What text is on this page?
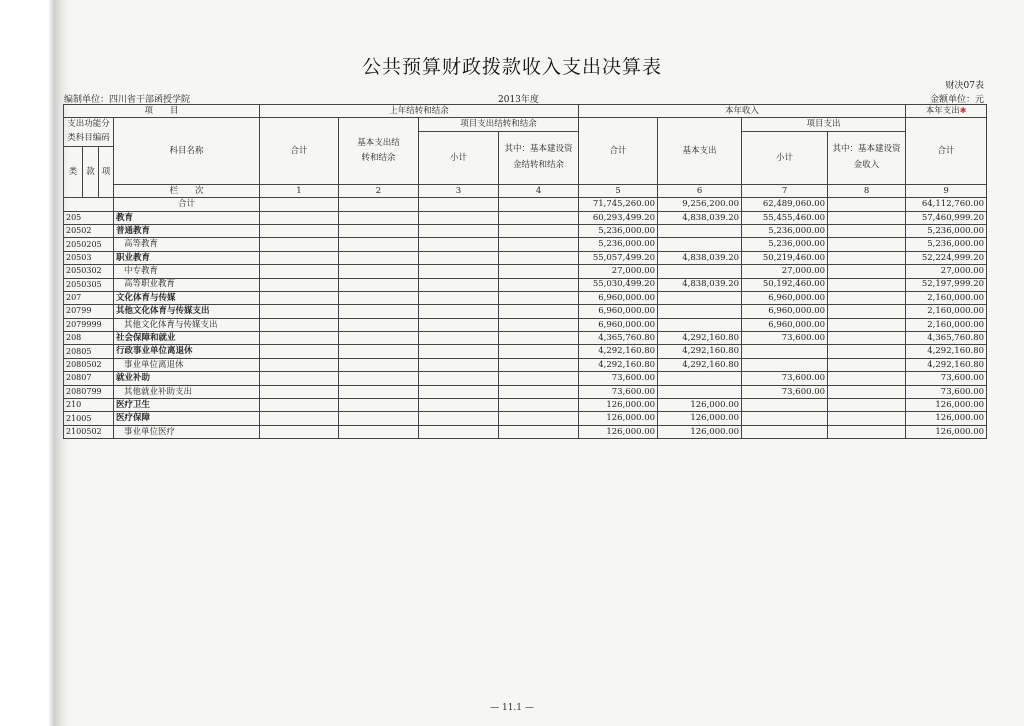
公共预算财政拨款收入支出决算表
财决07表
编制单位：四川省干部函授学院	2013年度	金额单位：元
项　　目				上年结转和结余				本年收入				本年支出✱
支出功能分类科目编码			科目名称	合计	基本支出结转和结余	项目支出结转和结余		合计	基本支出	项目支出		合计
						小计	其中：基本建设资金结转和结余			小计	其中：基本建设资金收入	
类	款	项										
			栏　　次	1	2	3	4	5	6	7	8	9
			合计					71,745,260.00	9,256,200.00	62,489,060.00		64,112,760.00
205			教育					60,293,499.20	4,838,039.20	55,455,460.00		57,460,999.20
20502			普通教育					5,236,000.00		5,236,000.00		5,236,000.00
2050205			高等教育					5,236,000.00		5,236,000.00		5,236,000.00
20503			职业教育					55,057,499.20	4,838,039.20	50,219,460.00		52,224,999.20
2050302			中专教育					27,000.00		27,000.00		27,000.00
2050305			高等职业教育					55,030,499.20	4,838,039.20	50,192,460.00		52,197,999.20
207			文化体育与传媒					6,960,000.00		6,960,000.00		2,160,000.00
20799			其他文化体育与传媒支出					6,960,000.00		6,960,000.00		2,160,000.00
2079999			其他文化体育与传媒支出					6,960,000.00		6,960,000.00		2,160,000.00
208			社会保障和就业					4,365,760.80	4,292,160.80	73,600.00		4,365,760.80
20805			行政事业单位离退休					4,292,160.80	4,292,160.80			4,292,160.80
2080502			事业单位离退休					4,292,160.80	4,292,160.80			4,292,160.80
20807			就业补助					73,600.00		73,600.00		73,600.00
2080799			其他就业补助支出					73,600.00		73,600.00		73,600.00
210			医疗卫生					126,000.00	126,000.00			126,000.00
21005			医疗保障					126,000.00	126,000.00			126,000.00
2100502			事业单位医疗					126,000.00	126,000.00			126,000.00
— 11.1 —
